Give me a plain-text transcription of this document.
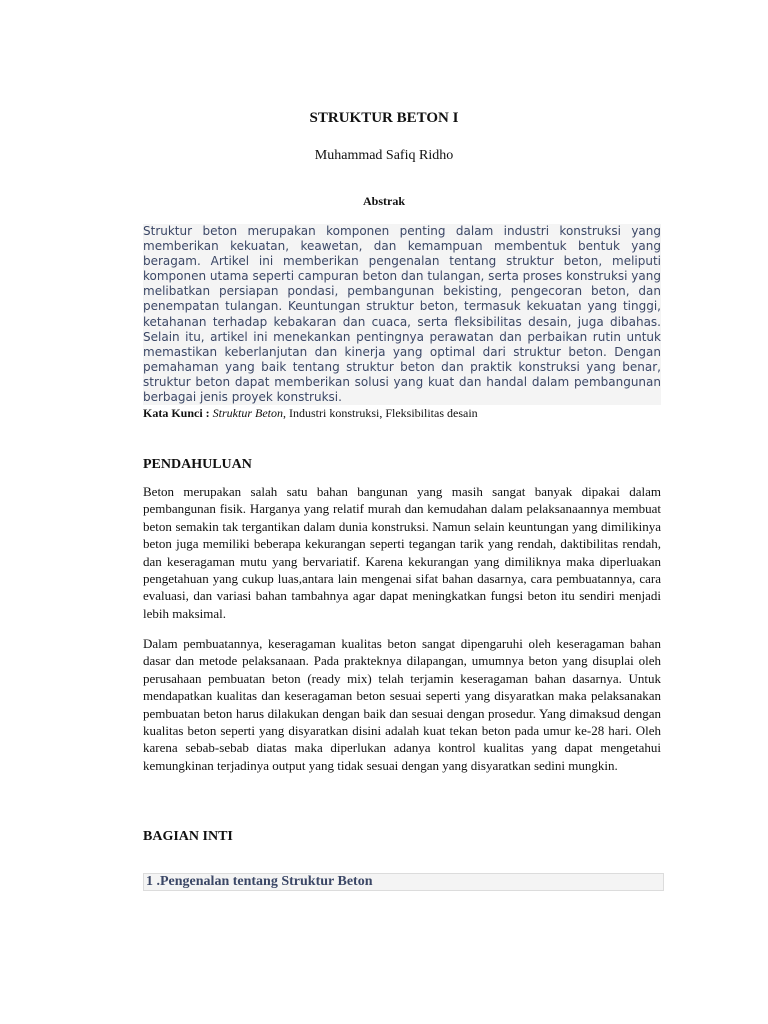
STRUKTUR BETON I

Muhammad Safiq Ridho

Abstrak

Struktur beton merupakan komponen penting dalam industri konstruksi yang memberikan kekuatan, keawetan, dan kemampuan membentuk bentuk yang beragam. Artikel ini memberikan pengenalan tentang struktur beton, meliputi komponen utama seperti campuran beton dan tulangan, serta proses konstruksi yang melibatkan persiapan pondasi, pembangunan bekisting, pengecoran beton, dan penempatan tulangan. Keuntungan struktur beton, termasuk kekuatan yang tinggi, ketahanan terhadap kebakaran dan cuaca, serta fleksibilitas desain, juga dibahas. Selain itu, artikel ini menekankan pentingnya perawatan dan perbaikan rutin untuk memastikan keberlanjutan dan kinerja yang optimal dari struktur beton. Dengan pemahaman yang baik tentang struktur beton dan praktik konstruksi yang benar, struktur beton dapat memberikan solusi yang kuat dan handal dalam pembangunan berbagai jenis proyek konstruksi.

Kata Kunci : Struktur Beton, Industri konstruksi, Fleksibilitas desain

PENDAHULUAN

Beton merupakan salah satu bahan bangunan yang masih sangat banyak dipakai dalam pembangunan fisik. Harganya yang relatif murah dan kemudahan dalam pelaksanaannya membuat beton semakin tak tergantikan dalam dunia konstruksi. Namun selain keuntungan yang dimilikinya beton juga memiliki beberapa kekurangan seperti tegangan tarik yang rendah, daktibilitas rendah, dan keseragaman mutu yang bervariatif. Karena kekurangan yang dimiliknya maka diperluakan pengetahuan yang cukup luas,antara lain mengenai sifat bahan dasarnya, cara pembuatannya, cara evaluasi, dan variasi bahan tambahnya agar dapat meningkatkan fungsi beton itu sendiri menjadi lebih maksimal.

Dalam pembuatannya, keseragaman kualitas beton sangat dipengaruhi oleh keseragaman bahan dasar dan metode pelaksanaan. Pada prakteknya dilapangan, umumnya beton yang disuplai oleh perusahaan pembuatan beton (ready mix) telah terjamin keseragaman bahan dasarnya. Untuk mendapatkan kualitas dan keseragaman beton sesuai seperti yang disyaratkan maka pelaksanakan pembuatan beton harus dilakukan dengan baik dan sesuai dengan prosedur. Yang dimaksud dengan kualitas beton seperti yang disyaratkan disini adalah kuat tekan beton pada umur ke-28 hari. Oleh karena sebab-sebab diatas maka diperlukan adanya kontrol kualitas yang dapat mengetahui kemungkinan terjadinya output yang tidak sesuai dengan yang disyaratkan sedini mungkin.

BAGIAN INTI
1 .Pengenalan tentang Struktur Beton
